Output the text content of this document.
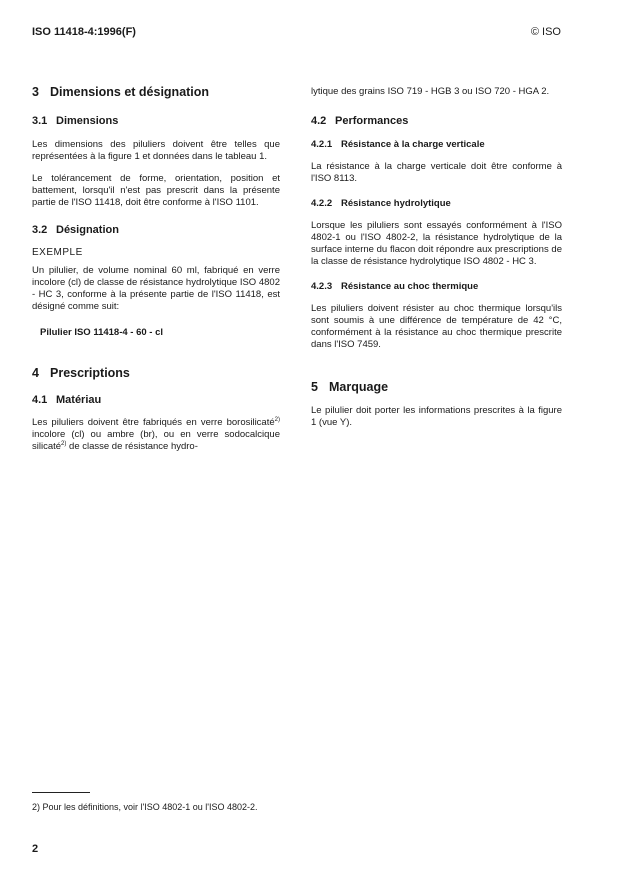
ISO 11418-4:1996(F)	© ISO
3 Dimensions et désignation
3.1 Dimensions

Les dimensions des piluliers doivent être telles que représentées à la figure 1 et données dans le tableau 1.

Le tolérancement de forme, orientation, position et battement, lorsqu'il n'est pas prescrit dans la présente partie de l'ISO 11418, doit être conforme à l'ISO 1101.

3.2 Désignation
EXEMPLE

Un pilulier, de volume nominal 60 ml, fabriqué en verre incolore (cl) de classe de résistance hydrolytique ISO 4802 - HC 3, conforme à la présente partie de l'ISO 11418, est désigné comme suit:

Pilulier ISO 11418-4 - 60 - cl
4 Prescriptions
4.1 Matériau

Les piluliers doivent être fabriqués en verre borosilicaté$^{2)}$ incolore (cl) ou ambre (br), ou en verre sodocalcique silicaté$^{2)}$ de classe de résistance hydro-

lytique des grains ISO 719 - HGB 3 ou ISO 720 - HGA 2.

4.2 Performances
4.2.1 Résistance à la charge verticale

La résistance à la charge verticale doit être conforme à l'ISO 8113.

4.2.2 Résistance hydrolytique

Lorsque les piluliers sont essayés conformément à l'ISO 4802-1 ou l'ISO 4802-2, la résistance hydrolytique de la surface interne du flacon doit répondre aux prescriptions de la classe de résistance hydrolytique ISO 4802 - HC 3.

4.2.3 Résistance au choc thermique

Les piluliers doivent résister au choc thermique lorsqu'ils sont soumis à une différence de température de 42 °C, conformément à la résistance au choc thermique prescrite dans l'ISO 7459.

5 Marquage

Le pilulier doit porter les informations prescrites à la figure 1 (vue Y).

2) Pour les définitions, voir l'ISO 4802-1 ou l'ISO 4802-2.
2
